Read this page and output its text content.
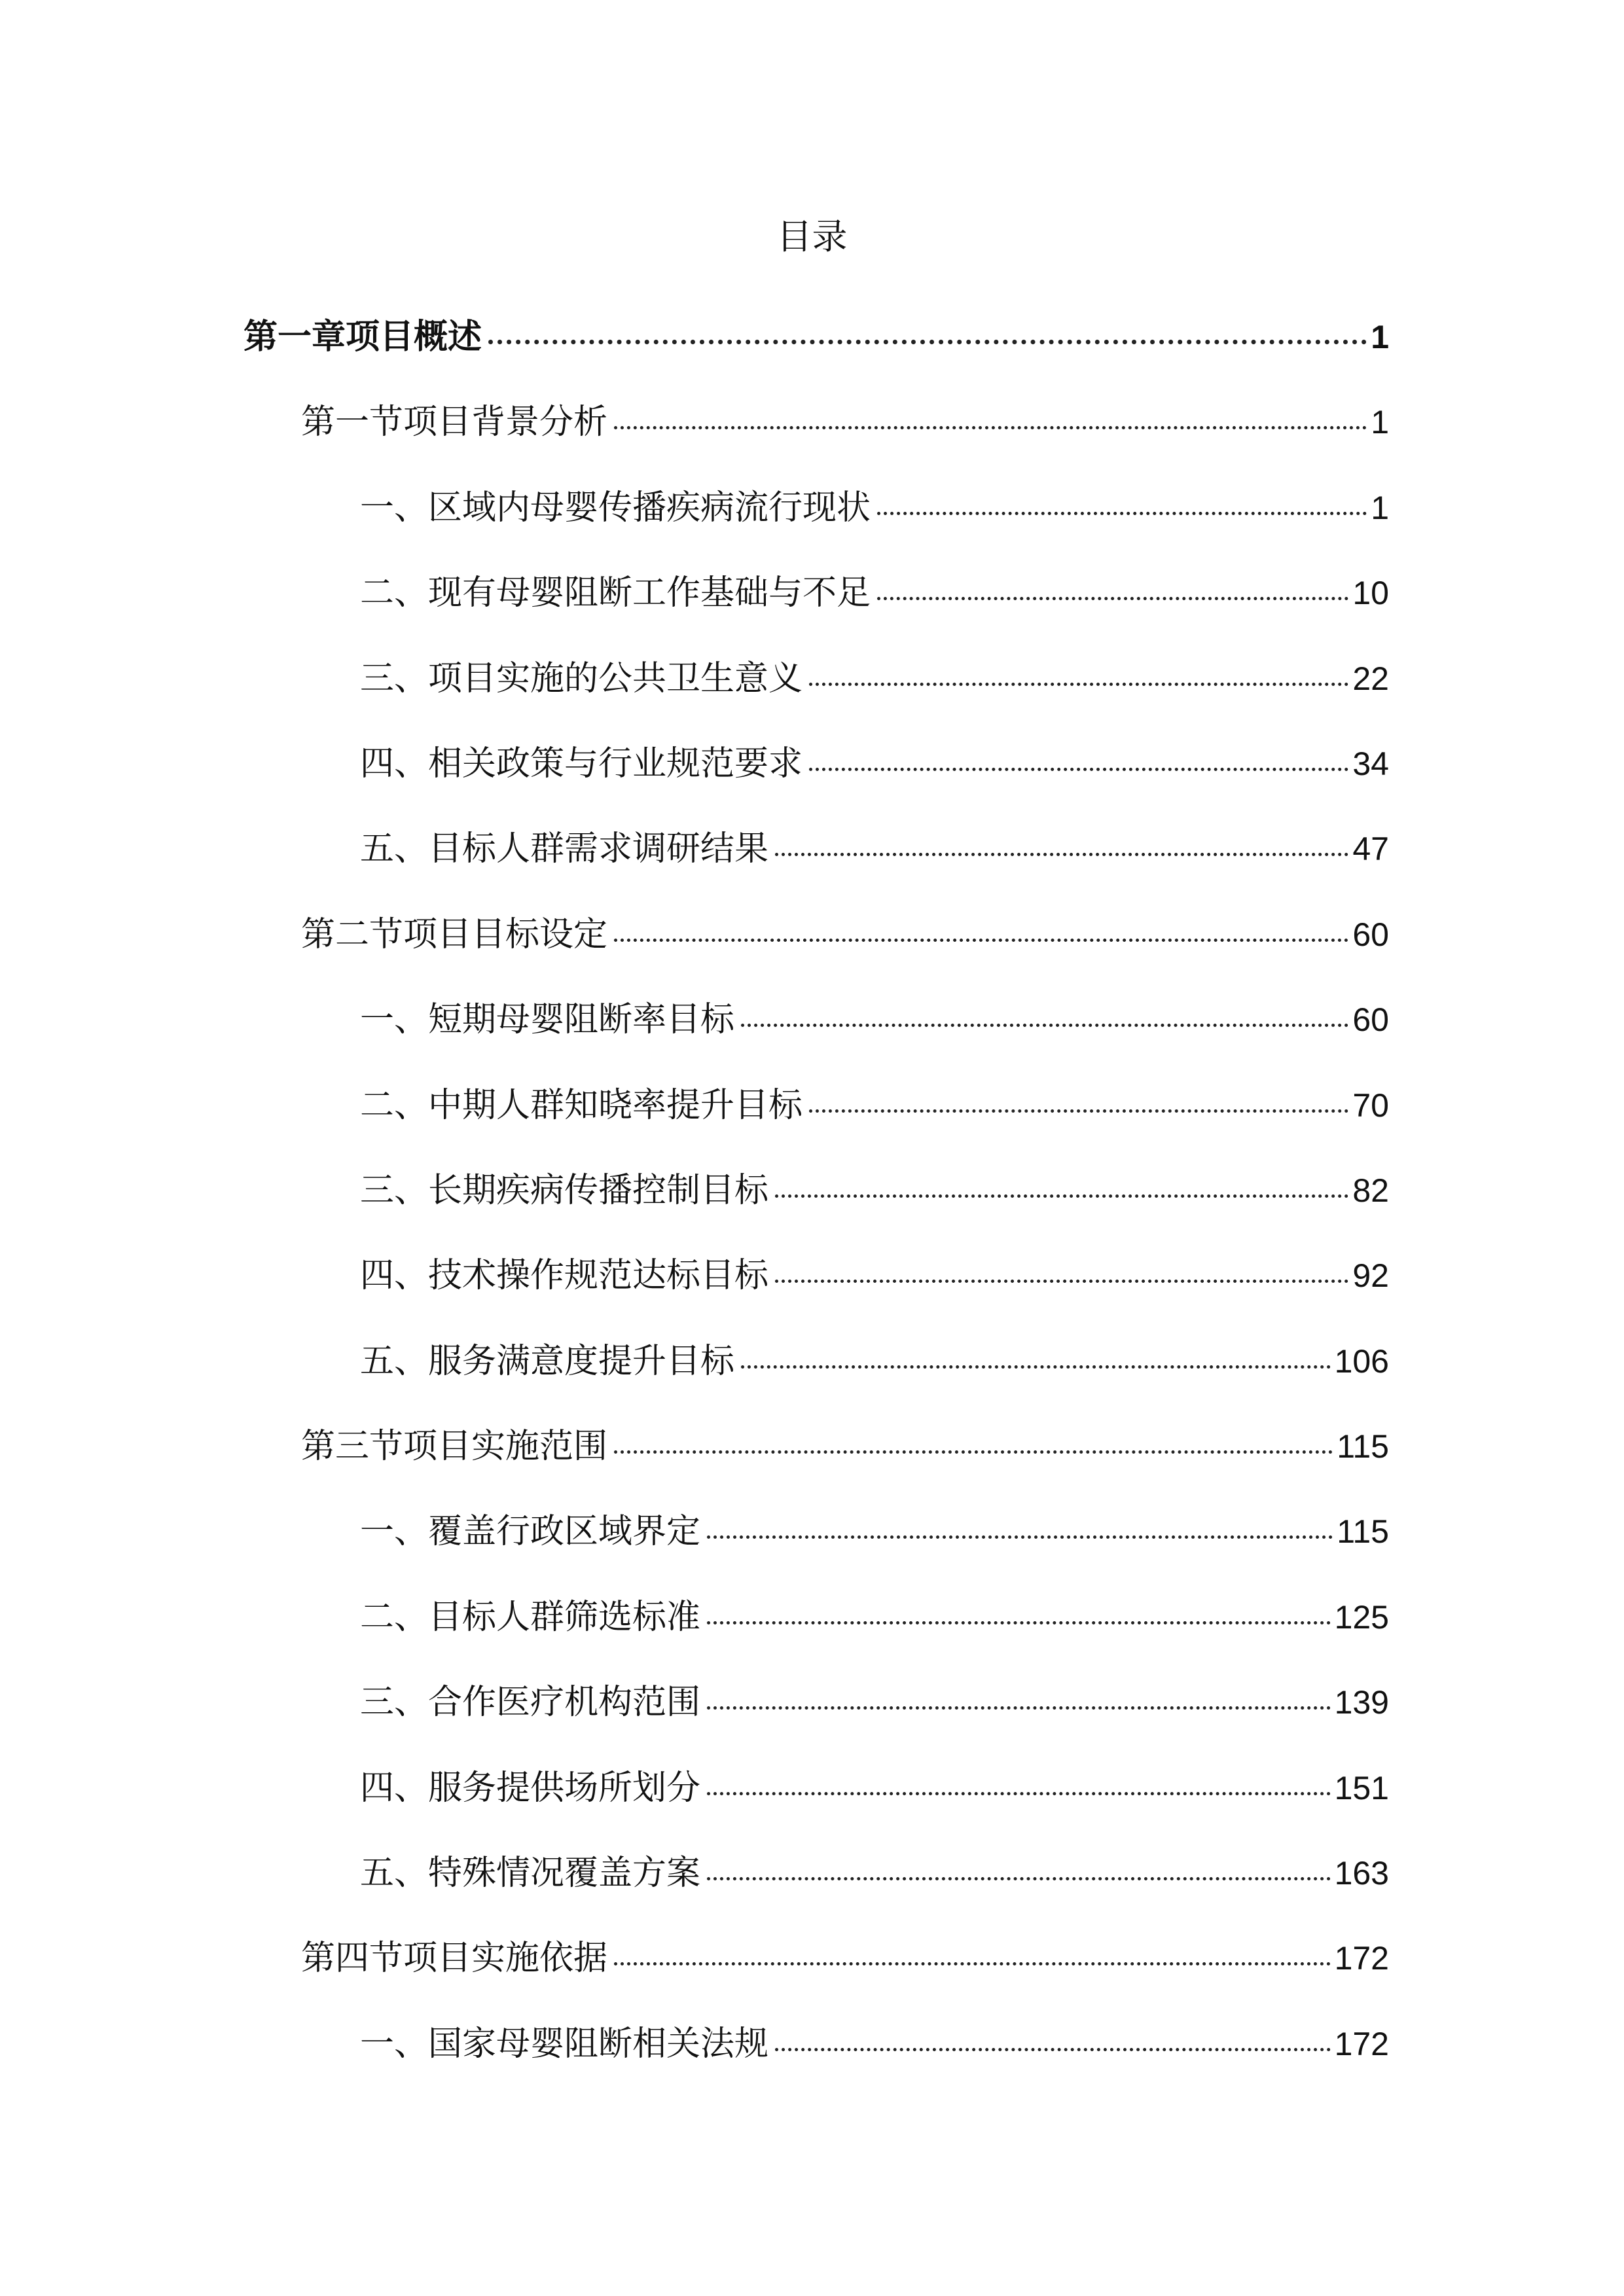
目录
第一章项目概述	1
第一节项目背景分析	1
一、区域内母婴传播疾病流行现状	1
二、现有母婴阻断工作基础与不足	10
三、项目实施的公共卫生意义	22
四、相关政策与行业规范要求	34
五、目标人群需求调研结果	47
第二节项目目标设定	60
一、短期母婴阻断率目标	60
二、中期人群知晓率提升目标	70
三、长期疾病传播控制目标	82
四、技术操作规范达标目标	92
五、服务满意度提升目标	106
第三节项目实施范围	115
一、覆盖行政区域界定	115
二、目标人群筛选标准	125
三、合作医疗机构范围	139
四、服务提供场所划分	151
五、特殊情况覆盖方案	163
第四节项目实施依据	172
一、国家母婴阻断相关法规	172
